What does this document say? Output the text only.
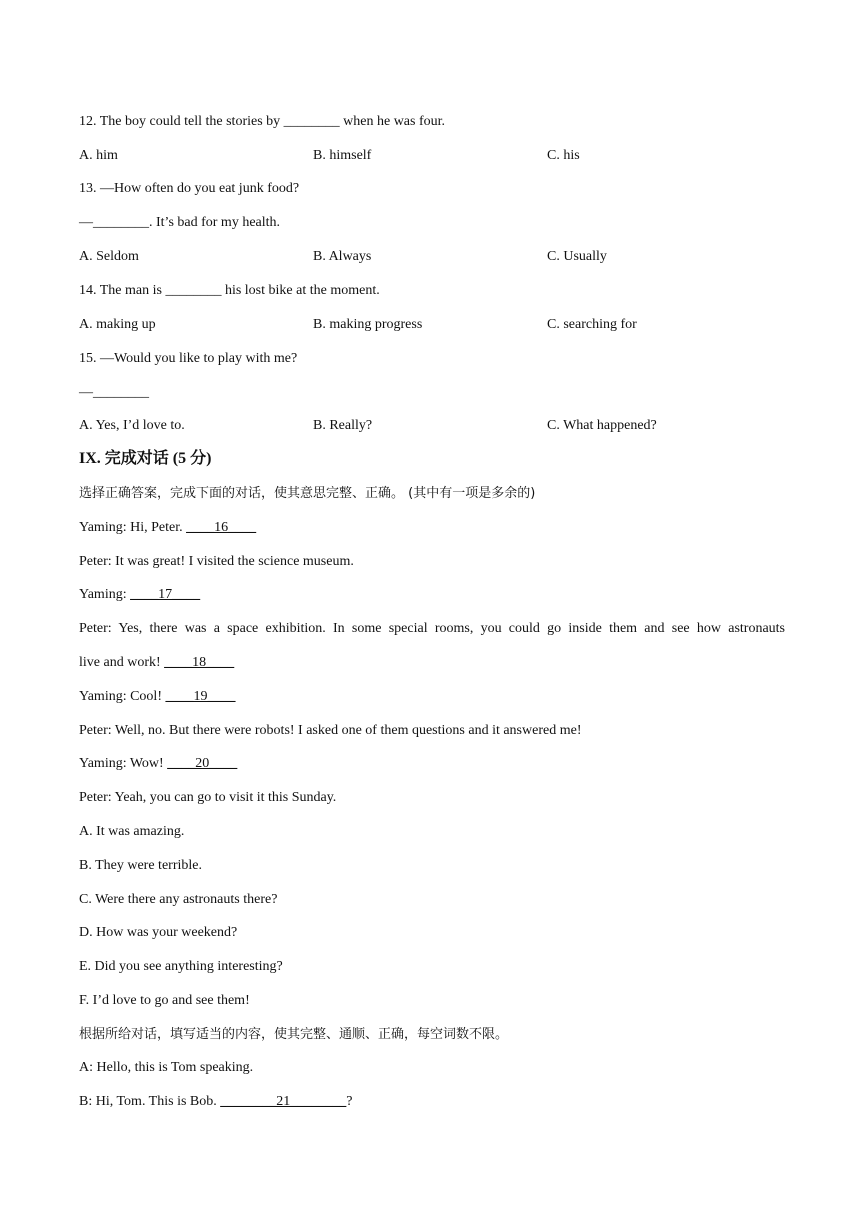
12. The boy could tell the stories by ________ when he was four.
A. him	B. himself	C. his
13. —How often do you eat junk food?
—________. It’s bad for my health.
A. Seldom	B. Always	C. Usually
14. The man is ________ his lost bike at the moment.
A. making up	B. making progress	C. searching for
15. —Would you like to play with me?
—________
A. Yes, I’d love to.	B. Really?	C. What happened?
IX. 完成对话 (5 分)
选择正确答案，完成下面的对话，使其意思完整、正确。 (其中有一项是多余的)
Yaming: Hi, Peter. ____16____
Peter: It was great! I visited the science museum.
Yaming: ____17____
Peter: Yes, there was a space exhibition. In some special rooms, you could go inside them and see how astronauts
live and work! ____18____
Yaming: Cool! ____19____
Peter: Well, no. But there were robots! I asked one of them questions and it answered me!
Yaming: Wow! ____20____
Peter: Yeah, you can go to visit it this Sunday.
A. It was amazing.
B. They were terrible.
C. Were there any astronauts there?
D. How was your weekend?
E. Did you see anything interesting?
F. I’d love to go and see them!
根据所给对话，填写适当的内容，使其完整、通顺、正确，每空词数不限。
A: Hello, this is Tom speaking.
B: Hi, Tom. This is Bob. ________21________?
